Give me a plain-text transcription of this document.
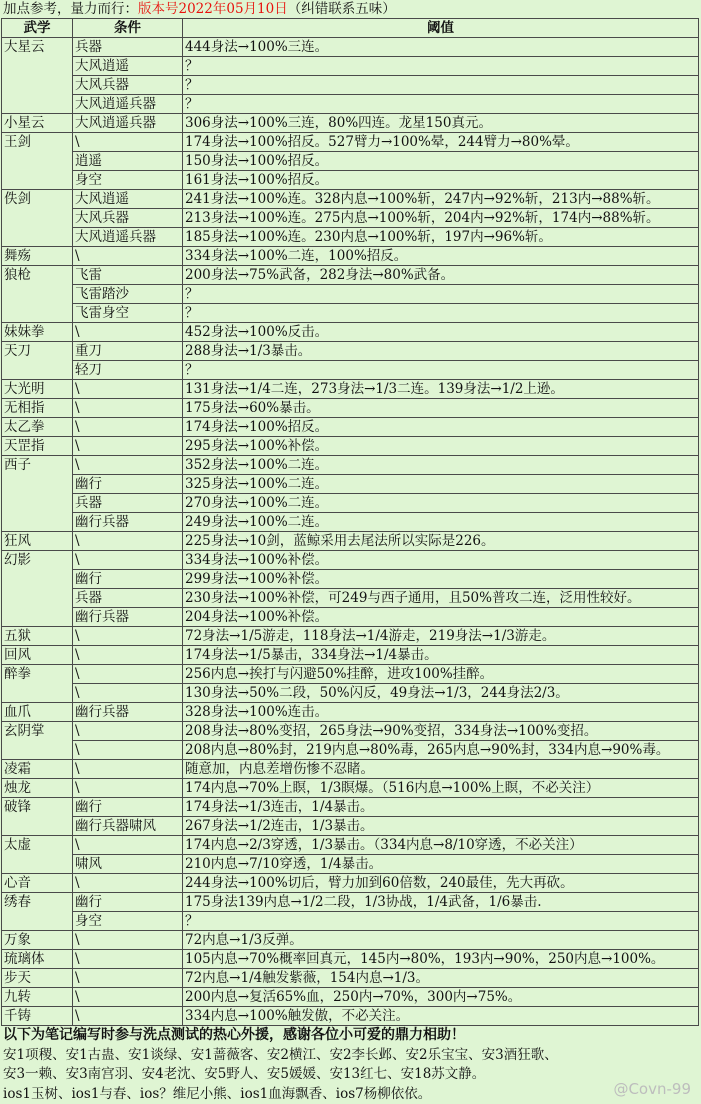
加点参考，量力而行：版本号2022年05月10日（纠错联系五味）
武学	条件	阈值
大星云	兵器	444身法→100%三连。
	大风逍遥	？
	大风兵器	？
	大风逍遥兵器	？
小星云	大风逍遥兵器	306身法→100%三连，80%四连。龙星150真元。
王剑	\	174身法→100%招反。527臂力→100%晕，244臂力→80%晕。
	逍遥	150身法→100%招反。
	身空	161身法→100%招反。
佚剑	大风逍遥	241身法→100%连。328内息→100%斩，247内→92%斩，213内→88%斩。
	大风兵器	213身法→100%连。275内息→100%斩，204内→92%斩，174内→88%斩。
	大风逍遥兵器	185身法→100%连。230内息→100%斩，197内→96%斩。
舞殇	\	334身法→100%二连，100%招反。
狼枪	飞雷	200身法→75%武备，282身法→80%武备。
	飞雷踏沙	？
	飞雷身空	？
妹妹拳	\	452身法→100%反击。
天刀	重刀	288身法→1/3暴击。
	轻刀	？
大光明	\	131身法→1/4二连，273身法→1/3二连。139身法→1/2上逊。
无相指	\	175身法→60%暴击。
太乙拳	\	174身法→100%招反。
天罡指	\	295身法→100%补偿。
西子	\	352身法→100%二连。
	幽行	325身法→100%二连。
	兵器	270身法→100%二连。
	幽行兵器	249身法→100%二连。
狂风	\	225身法→10剑，蓝鲸采用去尾法所以实际是226。
幻影	\	334身法→100%补偿。
	幽行	299身法→100%补偿。
	兵器	230身法→100%补偿，可249与西子通用，且50%普攻二连，泛用性较好。
	幽行兵器	204身法→100%补偿。
五狱	\	72身法→1/5游走，118身法→1/4游走，219身法→1/3游走。
回风	\	174身法→1/5暴击，334身法→1/4暴击。
醉拳	\	256内息→挨打与闪避50%挂醉，进攻100%挂醉。
	\	130身法→50%二段，50%闪反，49身法→1/3，244身法2/3。
血爪	幽行兵器	328身法→100%连击。
玄阴掌	\	208身法→80%变招，265身法→90%变招，334身法→100%变招。
	\	208内息→80%封，219内息→80%毒，265内息→90%封，334内息→90%毒。
凌霜	\	随意加，内息差增伤惨不忍睹。
烛龙	\	174内息→70%上瞑，1/3瞑爆。（516内息→100%上瞑，不必关注）
破锋	幽行	174身法→1/3连击，1/4暴击。
	幽行兵器啸风	267身法→1/2连击，1/3暴击。
太虚	\	174内息→2/3穿透，1/3暴击。（334内息→8/10穿透，不必关注）
	啸风	210内息→7/10穿透，1/4暴击。
心音	\	244身法→100%切后，臂力加到60倍数，240最佳，先大再砍。
绣春	幽行	175身法139内息→1/2二段，1/3协战，1/4武备，1/6暴击.
	身空	？
万象	\	72内息→1/3反弹。
琉璃体	\	105内息→70%概率回真元，145内→80%，193内→90%，250内息→100%。
步天	\	72内息→1/4触发紫薇，154内息→1/3。
九转	\	200内息→复活65%血，250内→70%，300内→75%。
千铸	\	334内息→100%触发傲，不必关注。
以下为笔记编写时参与洗点测试的热心外援，感谢各位小可爱的鼎力相助！
安1项稷、安1古蛊、安1谈绿、安1蔷薇客、安2横江、安2李长邺、安2乐宝宝、安3酒狂歌、
安3一赖、安3南宫羽、安4老沈、安5野人、安5媛媛、安13红七、安18苏文静。
ios1玉树、ios1与春、ios？维尼小熊、ios1血海飘香、ios7杨柳依依。	@Covn-99
